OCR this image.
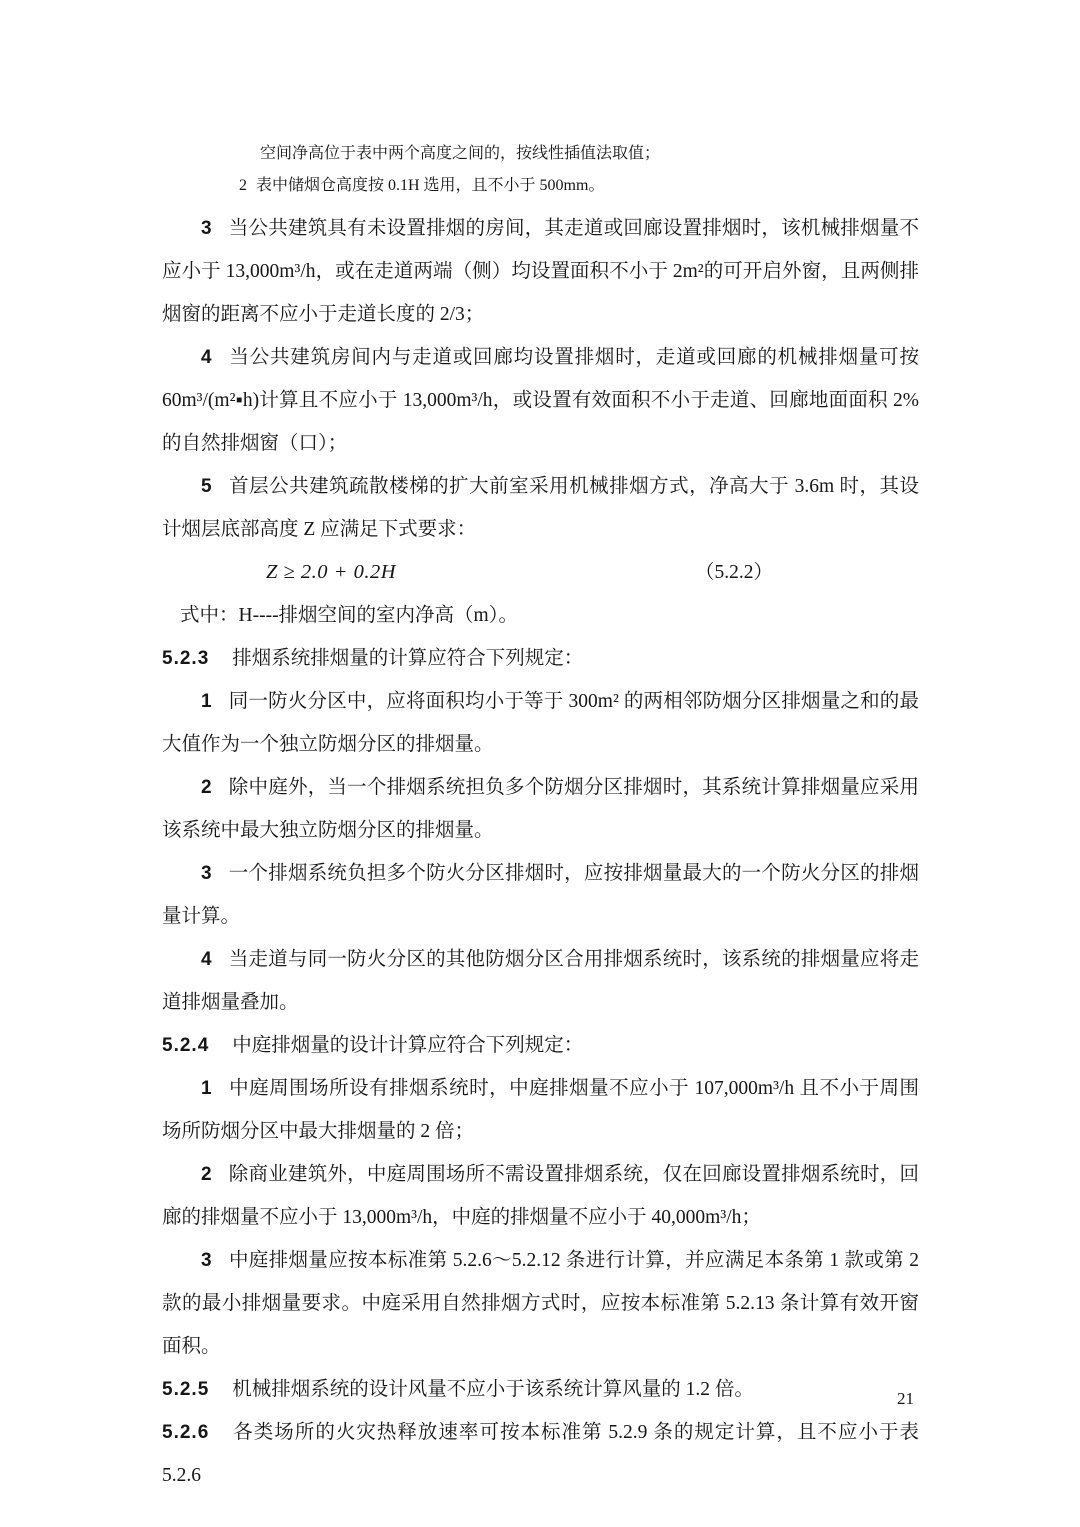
空间净高位于表中两个高度之间的，按线性插值法取值；

2 表中储烟仓高度按 0.1H 选用，且不小于 500mm。

3 当公共建筑具有未设置排烟的房间，其走道或回廊设置排烟时，该机械排烟量不应小于 13,000m³/h，或在走道两端（侧）均设置面积不小于 2m²的可开启外窗，且两侧排烟窗的距离不应小于走道长度的 2/3；

4 当公共建筑房间内与走道或回廊均设置排烟时，走道或回廊的机械排烟量可按 60m³/(m²▪h)计算且不应小于 13,000m³/h，或设置有效面积不小于走道、回廊地面面积 2%的自然排烟窗（口）；

5 首层公共建筑疏散楼梯的扩大前室采用机械排烟方式，净高大于 3.6m 时，其设计烟层底部高度 Z 应满足下式要求：

Z ≥ 2.0 + 0.2H	（5.2.2）

式中：H----排烟空间的室内净高（m）。

5.2.3 排烟系统排烟量的计算应符合下列规定：

1 同一防火分区中，应将面积均小于等于 300m² 的两相邻防烟分区排烟量之和的最大值作为一个独立防烟分区的排烟量。

2 除中庭外，当一个排烟系统担负多个防烟分区排烟时，其系统计算排烟量应采用该系统中最大独立防烟分区的排烟量。

3 一个排烟系统负担多个防火分区排烟时，应按排烟量最大的一个防火分区的排烟量计算。

4 当走道与同一防火分区的其他防烟分区合用排烟系统时，该系统的排烟量应将走道排烟量叠加。

5.2.4 中庭排烟量的设计计算应符合下列规定：

1 中庭周围场所设有排烟系统时，中庭排烟量不应小于 107,000m³/h 且不小于周围场所防烟分区中最大排烟量的 2 倍；

2 除商业建筑外，中庭周围场所不需设置排烟系统，仅在回廊设置排烟系统时，回廊的排烟量不应小于 13,000m³/h，中庭的排烟量不应小于 40,000m³/h；

3 中庭排烟量应按本标准第 5.2.6～5.2.12 条进行计算，并应满足本条第 1 款或第 2 款的最小排烟量要求。中庭采用自然排烟方式时，应按本标准第 5.2.13 条计算有效开窗面积。

5.2.5 机械排烟系统的设计风量不应小于该系统计算风量的 1.2 倍。

5.2.6 各类场所的火灾热释放速率可按本标准第 5.2.9 条的规定计算，且不应小于表 5.2.6

21
